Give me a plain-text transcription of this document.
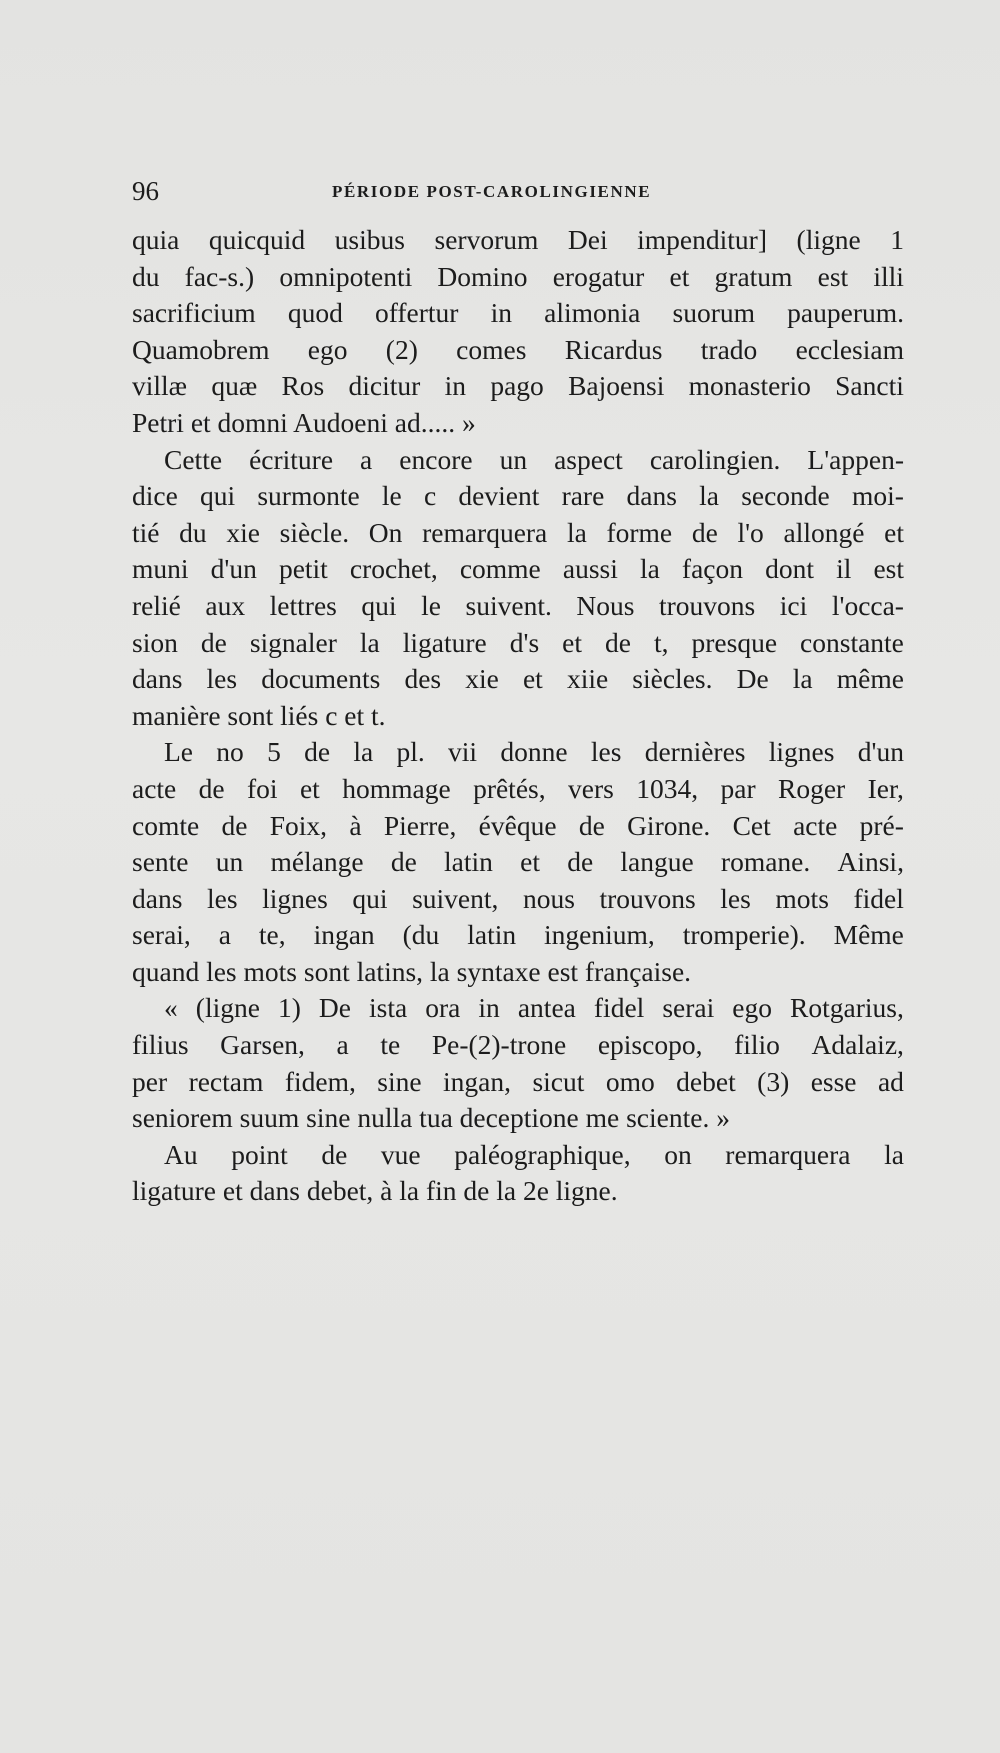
96	PÉRIODE POST-CAROLINGIENNE
quia quicquid usibus servorum Dei impenditur] (ligne 1
du fac-s.) omnipotenti Domino erogatur et gratum est illi
sacrificium quod offertur in alimonia suorum pauperum.
Quamobrem ego (2) comes Ricardus trado ecclesiam
villæ quæ Ros dicitur in pago Bajoensi monasterio Sancti
Petri et domni Audoeni ad..... »
Cette écriture a encore un aspect carolingien. L'appen-
dice qui surmonte le c devient rare dans la seconde moi-
tié du xie siècle. On remarquera la forme de l'o allongé et
muni d'un petit crochet, comme aussi la façon dont il est
relié aux lettres qui le suivent. Nous trouvons ici l'occa-
sion de signaler la ligature d's et de t, presque constante
dans les documents des xie et xiie siècles. De la même
manière sont liés c et t.
Le no 5 de la pl. vii donne les dernières lignes d'un
acte de foi et hommage prêtés, vers 1034, par Roger Ier,
comte de Foix, à Pierre, évêque de Girone. Cet acte pré-
sente un mélange de latin et de langue romane. Ainsi,
dans les lignes qui suivent, nous trouvons les mots fidel
serai, a te, ingan (du latin ingenium, tromperie). Même
quand les mots sont latins, la syntaxe est française.
« (ligne 1) De ista ora in antea fidel serai ego Rotgarius,
filius Garsen, a te Pe-(2)-trone episcopo, filio Adalaiz,
per rectam fidem, sine ingan, sicut omo debet (3) esse ad
seniorem suum sine nulla tua deceptione me sciente. »
Au point de vue paléographique, on remarquera la
ligature et dans debet, à la fin de la 2e ligne.
